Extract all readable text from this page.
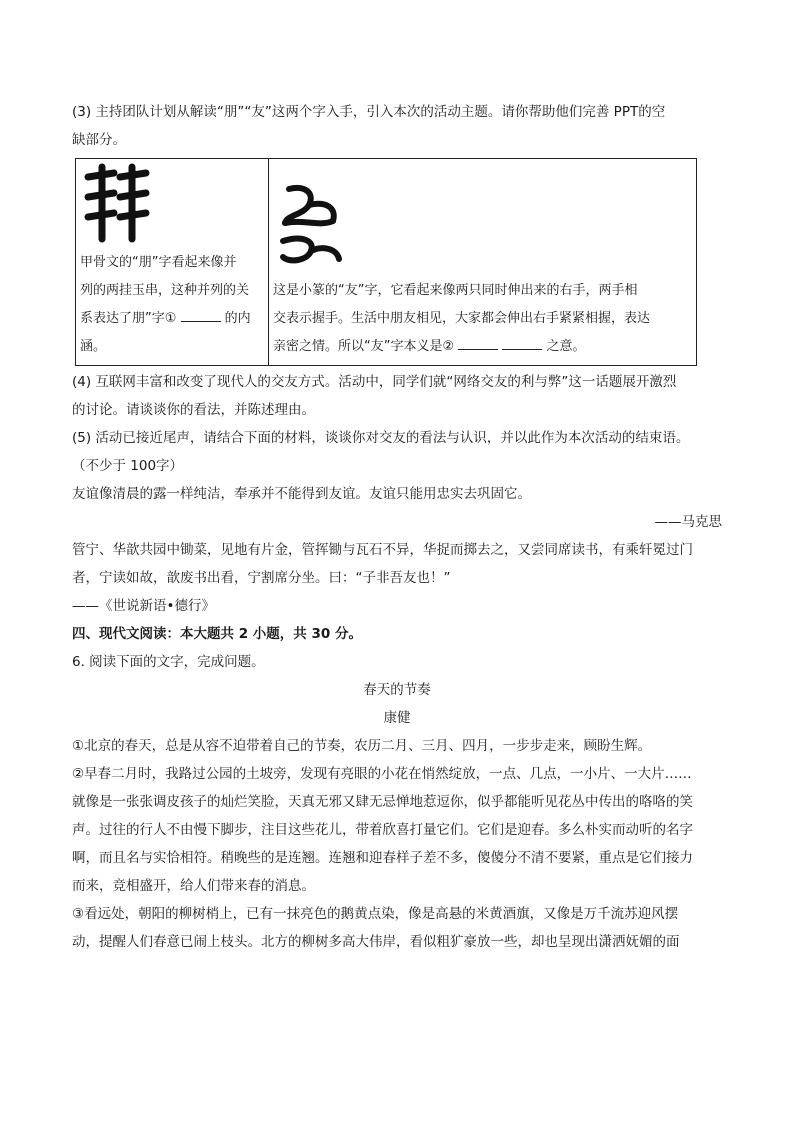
(3) 主持团队计划从解读“朋”“友”这两个字入手，引入本次的活动主题。请你帮助他们完善 PPT的空
缺部分。
甲骨文的“朋”字看起来像并
列的两挂玉串，这种并列的关
系表达了朋”字①	的内
涵。

这是小篆的“友”字，它看起来像两只同时伸出来的右手，两手相
交表示握手。生活中朋友相见，大家都会伸出右手紧紧相握，表达
亲密之情。所以“友”字本义是②	之意。
(4) 互联网丰富和改变了现代人的交友方式。活动中，同学们就“网络交友的利与弊”这一话题展开激烈
的讨论。请谈谈你的看法，并陈述理由。
(5) 活动已接近尾声，请结合下面的材料，谈谈你对交友的看法与认识，并以此作为本次活动的结束语。
（不少于 100字）
友谊像清晨的露一样纯洁，奉承并不能得到友谊。友谊只能用忠实去巩固它。
——马克思
管宁、华歆共园中锄菜，见地有片金，管挥锄与瓦石不异，华捉而掷去之，又尝同席读书，有乘轩冕过门
者，宁读如故，歆废书出看，宁割席分坐。曰：“子非吾友也！”
——《世说新语•德行》
四、现代文阅读：本大题共 2 小题，共 30 分。
6. 阅读下面的文字，完成问题。
春天的节奏
康健
①北京的春天，总是从容不迫带着自己的节奏，农历二月、三月、四月，一步步走来，顾盼生辉。
②早春二月时，我路过公园的土坡旁，发现有亮眼的小花在悄然绽放，一点、几点，一小片、一大片……
就像是一张张调皮孩子的灿烂笑脸，天真无邪又肆无忌惮地惹逗你，似乎都能听见花丛中传出的咯咯的笑
声。过往的行人不由慢下脚步，注目这些花儿，带着欣喜打量它们。它们是迎春。多么朴实而动听的名字
啊，而且名与实恰相符。稍晚些的是连翘。连翘和迎春样子差不多，傻傻分不清不要紧，重点是它们接力
而来，竞相盛开，给人们带来春的消息。
③看远处，朝阳的柳树梢上，已有一抹亮色的鹅黄点染，像是高悬的米黄酒旗，又像是万千流苏迎风摆
动，提醒人们春意已闹上枝头。北方的柳树多高大伟岸，看似粗犷豪放一些，却也呈现出潇洒妩媚的面
